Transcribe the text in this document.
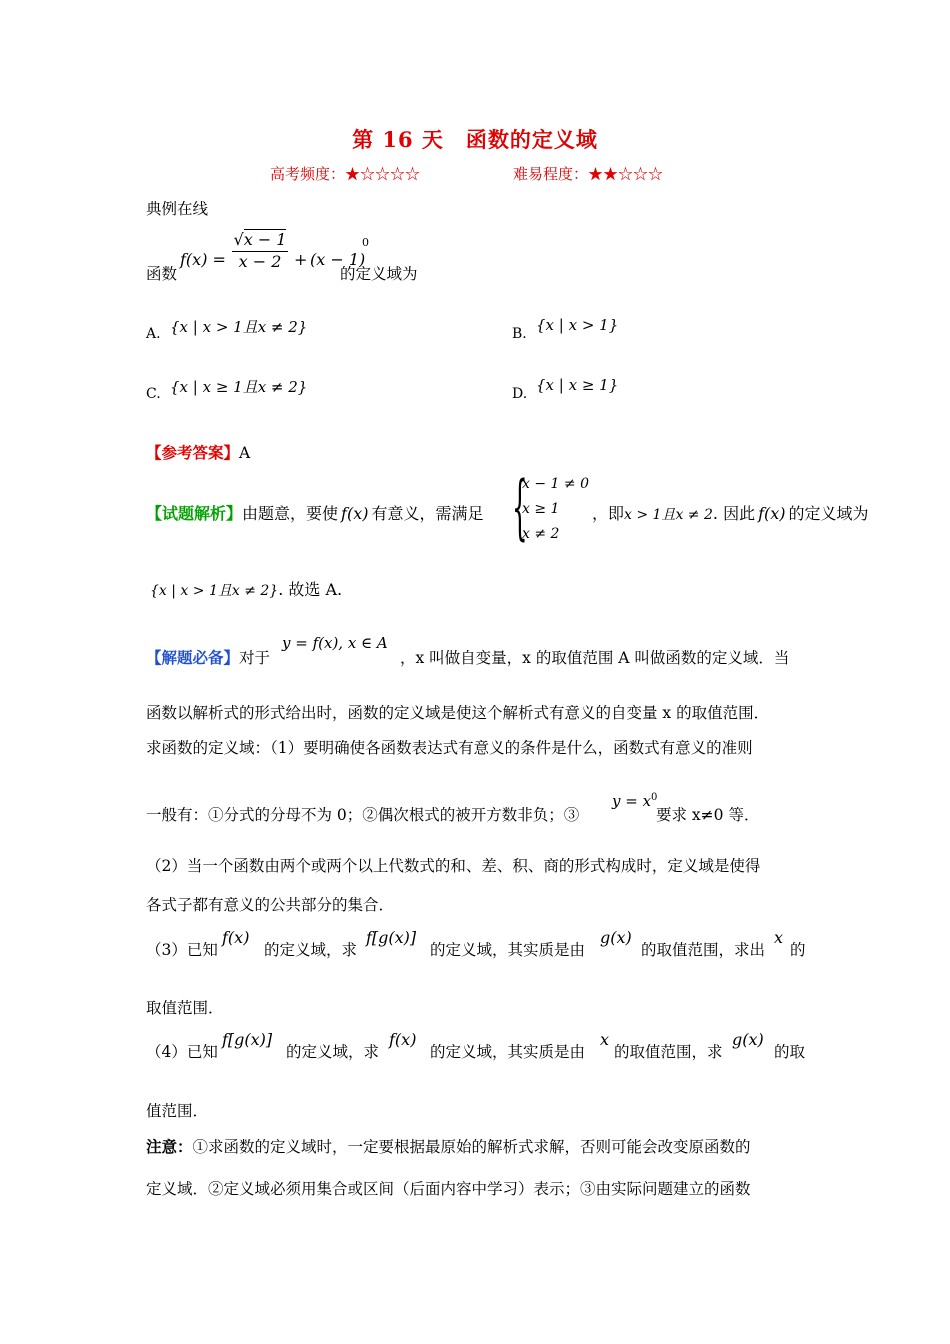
第 16 天　函数的定义域
高考频度：★☆☆☆☆	难易程度：★★☆☆☆
典例在线
函数
$f(x) = \frac{√x - 1}{x - 2} + (x - 1)$
0
的定义域为
A. {x | x > 1且x ≠ 2}	B. {x | x > 1}
C. {x | x ≥ 1且x ≠ 2}	D. {x | x ≥ 1}
【参考答案】A
【试题解析】由题意，要使 f(x) 有意义，需满足 {
x − 1 ≠ 0
x ≥ 1
x ≠ 2
，即x > 1且x ≠ 2. 因此 f(x) 的定义域为
{x | x > 1且x ≠ 2}. 故选 A.
【解题必备】对于
y = f(x), x ∈ A
，x 叫做自变量，x 的取值范围 A 叫做函数的定义域．当
函数以解析式的形式给出时，函数的定义域是使这个解析式有意义的自变量 x 的取值范围．
求函数的定义域：（1）要明确使各函数表达式有意义的条件是什么，函数式有意义的准则
一般有：①分式的分母不为 0；②偶次根式的被开方数非负；③
$y = x^0$
要求 x≠0 等．
（2）当一个函数由两个或两个以上代数式的和、差、积、商的形式构成时，定义域是使得
各式子都有意义的公共部分的集合．
（3）已知
f(x)
的定义域，求
f[g(x)]
的定义域，其实质是由
g(x)
的取值范围，求出
x
的
取值范围．
（4）已知
f[g(x)]
的定义域，求
f(x)
的定义域，其实质是由
x
的取值范围，求
g(x)
的取
值范围．
注意：①求函数的定义域时，一定要根据最原始的解析式求解，否则可能会改变原函数的
定义域．②定义域必须用集合或区间（后面内容中学习）表示；③由实际问题建立的函数
